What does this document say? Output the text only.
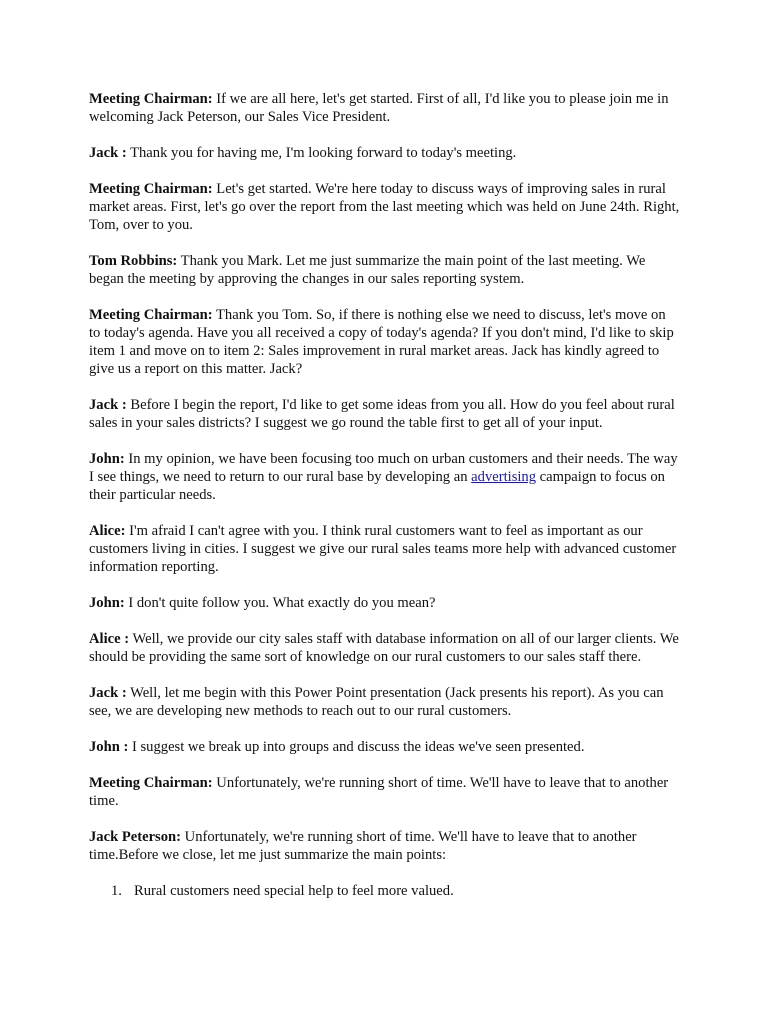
Meeting Chairman: If we are all here, let's get started. First of all, I'd like you to please join me in welcoming Jack Peterson, our Sales Vice President.

Jack : Thank you for having me, I'm looking forward to today's meeting.

Meeting Chairman: Let's get started. We're here today to discuss ways of improving sales in rural market areas. First, let's go over the report from the last meeting which was held on June 24th. Right, Tom, over to you.

Tom Robbins: Thank you Mark. Let me just summarize the main point of the last meeting. We began the meeting by approving the changes in our sales reporting system.

Meeting Chairman: Thank you Tom. So, if there is nothing else we need to discuss, let's move on to today's agenda. Have you all received a copy of today's agenda? If you don't mind, I'd like to skip item 1 and move on to item 2: Sales improvement in rural market areas. Jack has kindly agreed to give us a report on this matter. Jack?

Jack : Before I begin the report, I'd like to get some ideas from you all. How do you feel about rural sales in your sales districts? I suggest we go round the table first to get all of your input.

John: In my opinion, we have been focusing too much on urban customers and their needs. The way I see things, we need to return to our rural base by developing an advertising campaign to focus on their particular needs.

Alice: I'm afraid I can't agree with you. I think rural customers want to feel as important as our customers living in cities. I suggest we give our rural sales teams more help with advanced customer information reporting.

John: I don't quite follow you. What exactly do you mean?

Alice : Well, we provide our city sales staff with database information on all of our larger clients. We should be providing the same sort of knowledge on our rural customers to our sales staff there.

Jack : Well, let me begin with this Power Point presentation (Jack presents his report). As you can see, we are developing new methods to reach out to our rural customers.

John : I suggest we break up into groups and discuss the ideas we've seen presented.

Meeting Chairman: Unfortunately, we're running short of time. We'll have to leave that to another time.

Jack Peterson: Unfortunately, we're running short of time. We'll have to leave that to another time.Before we close, let me just summarize the main points:

1. Rural customers need special help to feel more valued.
